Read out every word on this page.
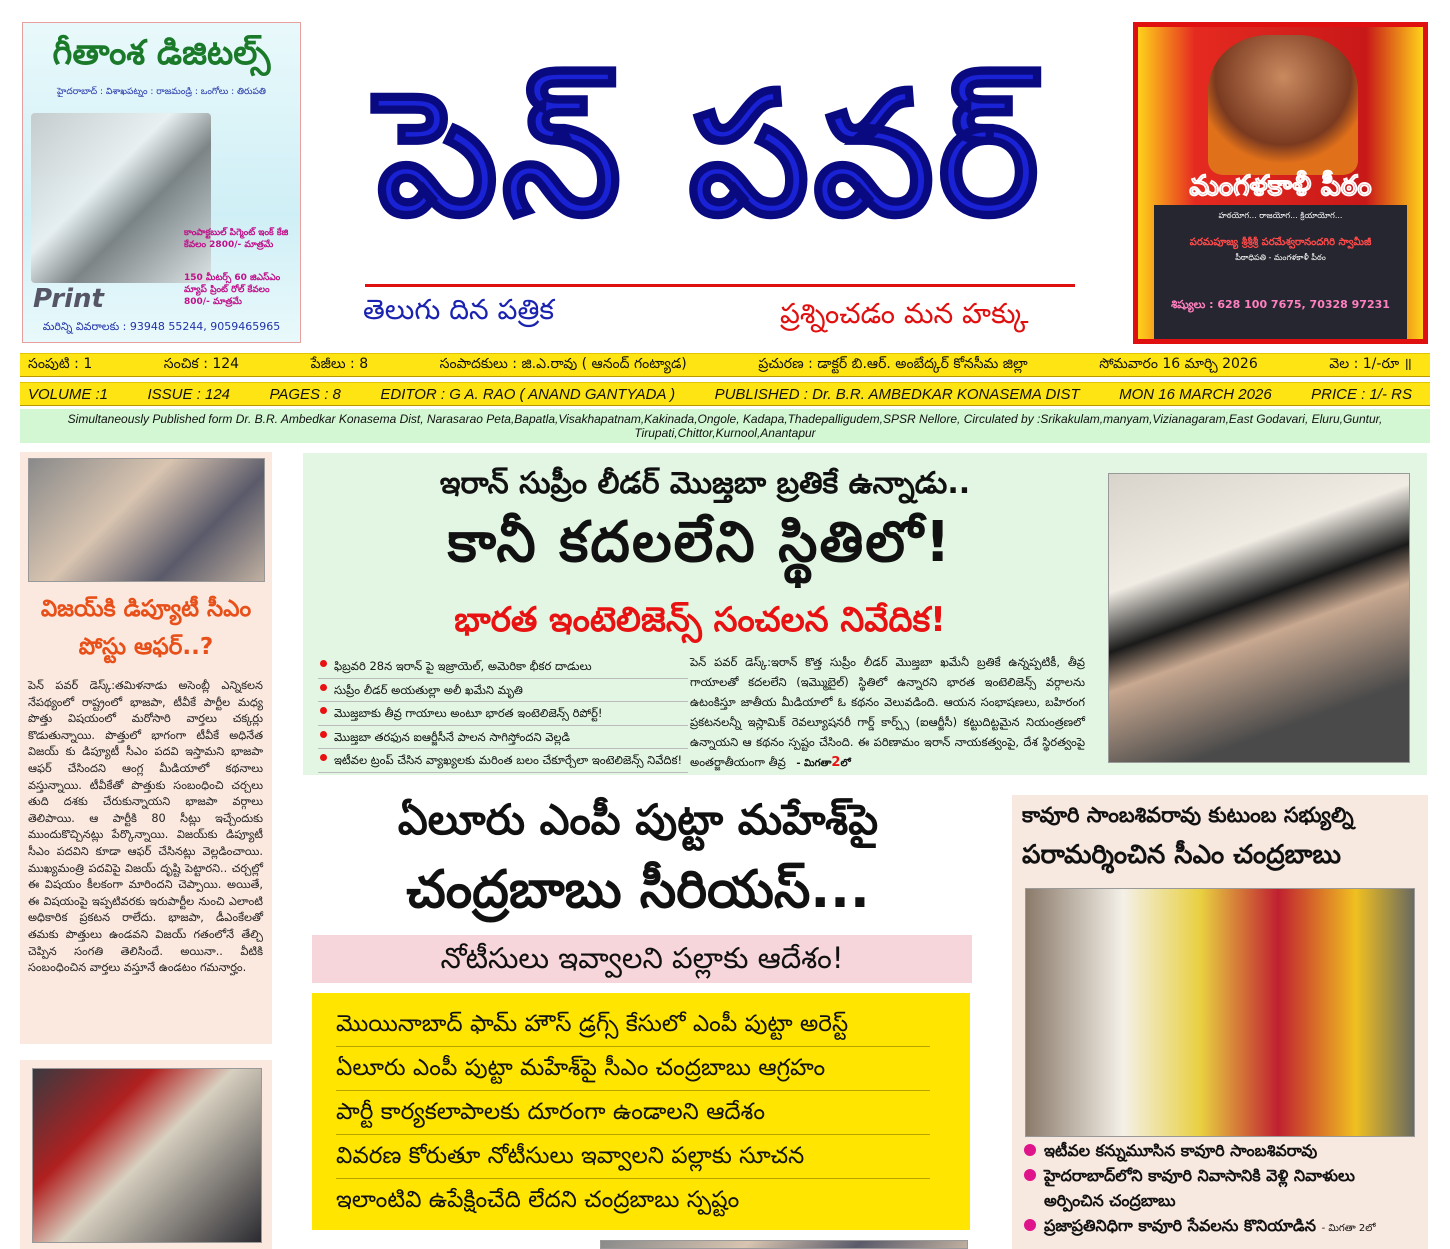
గీతాంశ డిజిటల్స్
హైదరాబాద్ : విశాఖపట్నం : రాజమండ్రి : ఒంగోలు : తిరుపతి
కాంపాక్టబుల్ పిగ్మెంట్ ఇంక్ కేజి కేవలం 2800/- మాత్రమే
150 మీటర్స్ 60 జిఎస్ఎం మ్యాప్ ప్రింట్ రోల్ కేవలం 800/- మాత్రమే
Print
మరిన్ని వివరాలకు : 93948 55244, 9059465965
పెన్ పవర్
తెలుగు దిన పత్రిక	ప్రశ్నించడం మన హక్కు
మంగళకాళీ పీఠం
హఠయోగ... రాజయోగ... క్రియాయోగ...
పరమపూజ్య శ్రీశ్రీశ్రీ పరమేశ్వరానందగిరి స్వామీజీ
పీఠాధిపతి - మంగళకాళీ పీఠం
శిష్యులు : 628 100 7675, 70328 97231
సంపుటి : 1	సంచిక : 124	పేజీలు : 8	సంపాదకులు : జి.ఎ.రావు ( ఆనంద్ గంట్యాడ)	ప్రచురణ : డాక్టర్ బి.ఆర్. అంబేద్కర్ కోనసీమ జిల్లా	సోమవారం 16 మార్చి 2026	వెల : 1/-రూ ॥
VOLUME :1	ISSUE : 124	PAGES : 8	EDITOR : G A. RAO ( ANAND GANTYADA )	PUBLISHED : Dr. B.R. AMBEDKAR KONASEMA DIST	MON 16 MARCH 2026	PRICE : 1/- RS
Simultaneously Published form Dr. B.R. Ambedkar Konasema Dist, Narasarao Peta,Bapatla,Visakhapatnam,Kakinada,Ongole, Kadapa,Thadepalligudem,SPSR Nellore, Circulated by :Srikakulam,manyam,Vizianagaram,East Godavari, Eluru,Guntur, Tirupati,Chittor,Kurnool,Anantapur
విజయ్‌కి డిప్యూటీ సీఎం పోస్టు ఆఫర్..?
పెన్ పవర్ డెస్క్:తమిళనాడు అసెంబ్లీ ఎన్నికలన నేపథ్యంలో రాష్ట్రంలో భాజపా, టీవీకే పార్టీల మధ్య పొత్తు విషయంలో మరోసారి వార్తలు చక్కర్లు కొడుతున్నాయి. పొత్తులో భాగంగా టీవీకే అధినేత విజయ్ కు డిప్యూటీ సీఎం పదవి ఇస్తామని భాజపా ఆఫర్ చేసిందని ఆంగ్ల మీడియాలో కథనాలు వస్తున్నాయి. టీవీకేతో పొత్తుకు సంబంధించి చర్చలు తుది దశకు చేరుకున్నాయని భాజపా వర్గాలు తెలిపాయి. ఆ పార్టీకి 80 సీట్లు ఇచ్చేందుకు ముందుకొచ్చినట్లు పేర్కొన్నాయి. విజయ్‌కు డిప్యూటీ సీఎం పదవిని కూడా ఆఫర్ చేసినట్లు వెల్లడించాయి. ముఖ్యమంత్రి పదవిపై విజయ్ దృష్టి పెట్టారని.. చర్చల్లో ఈ విషయం కీలకంగా మారిందని చెప్పాయి. అయితే, ఈ విషయంపై ఇప్పటివరకు ఇరుపార్టీల నుంచి ఎలాంటి అధికారిక ప్రకటన రాలేదు. భాజపా, డీఎంకేలతో తమకు పొత్తులు ఉండవని విజయ్ గతంలోనే తేల్చి చెప్పిన సంగతి తెలిసిందే. అయినా.. వీటికి సంబంధించిన వార్తలు వస్తూనే ఉండటం గమనార్హం.
ఇరాన్ సుప్రీం లీడర్ మొజ్తబా బ్రతికే ఉన్నాడు..
కానీ కదలలేని స్థితిలో!
భారత ఇంటెలిజెన్స్ సంచలన నివేదిక!
ఫిబ్రవరి 28న ఇరాన్ పై ఇజ్రాయెల్, అమెరికా భీకర దాడులు
సుప్రీం లీడర్ అయతుల్లా అలీ ఖమేని మృతి
మొజ్తబాకు తీవ్ర గాయాలు అంటూ భారత ఇంటెలిజెన్స్ రిపోర్ట్!
మొజ్తబా తరఫున ఐఆర్జీసీనే పాలన సాగిస్తోందని వెల్లడి
ఇటీవల ట్రంప్ చేసిన వ్యాఖ్యలకు మరింత బలం చేకూర్చేలా ఇంటెలిజెన్స్ నివేదిక!
పెన్ పవర్ డెస్క్:ఇరాన్ కొత్త సుప్రీం లీడర్ మొజ్తబా ఖమేనీ బ్రతికే ఉన్నప్పటికీ, తీవ్ర గాయాలతో కదలలేని (ఇమ్మొబైల్) స్థితిలో ఉన్నారని భారత ఇంటెలిజెన్స్ వర్గాలను ఉటంకిస్తూ జాతీయ మీడియాలో ఓ కథనం వెలువడింది. ఆయన సంభాషణలు, బహిరంగ ప్రకటనలన్నీ ఇస్లామిక్ రెవల్యూషనరీ గార్డ్ కార్ప్స్ (ఐఆర్జీసీ) కట్టుదిట్టమైన నియంత్రణలో ఉన్నాయని ఆ కథనం స్పష్టం చేసింది. ఈ పరిణామం ఇరాన్ నాయకత్వంపై, దేశ స్థిరత్వంపై అంతర్జాతీయంగా తీవ్ర - మిగతా2లో
ఏలూరు ఎంపీ పుట్టా మహేశ్‌పై
చంద్రబాబు సీరియస్...
నోటీసులు ఇవ్వాలని పల్లాకు ఆదేశం!
మొయినాబాద్ ఫామ్ హౌస్ డ్రగ్స్ కేసులో ఎంపీ పుట్టా అరెస్ట్
ఏలూరు ఎంపీ పుట్టా మహేశ్‌పై సీఎం చంద్రబాబు ఆగ్రహం
పార్టీ కార్యకలాపాలకు దూరంగా ఉండాలని ఆదేశం
వివరణ కోరుతూ నోటీసులు ఇవ్వాలని పల్లాకు సూచన
ఇలాంటివి ఉపేక్షించేది లేదని చంద్రబాబు స్పష్టం
కావూరి సాంబశివరావు కుటుంబ సభ్యుల్ని
పరామర్శించిన సీఎం చంద్రబాబు
ఇటీవల కన్నుమూసిన కావూరి సాంబశివరావు
హైదరాబాద్‌లోని కావూరి నివాసానికి వెళ్లి నివాళులు
అర్పించిన చంద్రబాబు
ప్రజాప్రతినిధిగా కావూరి సేవలను కొనియాడిన - మిగతా 2లో
